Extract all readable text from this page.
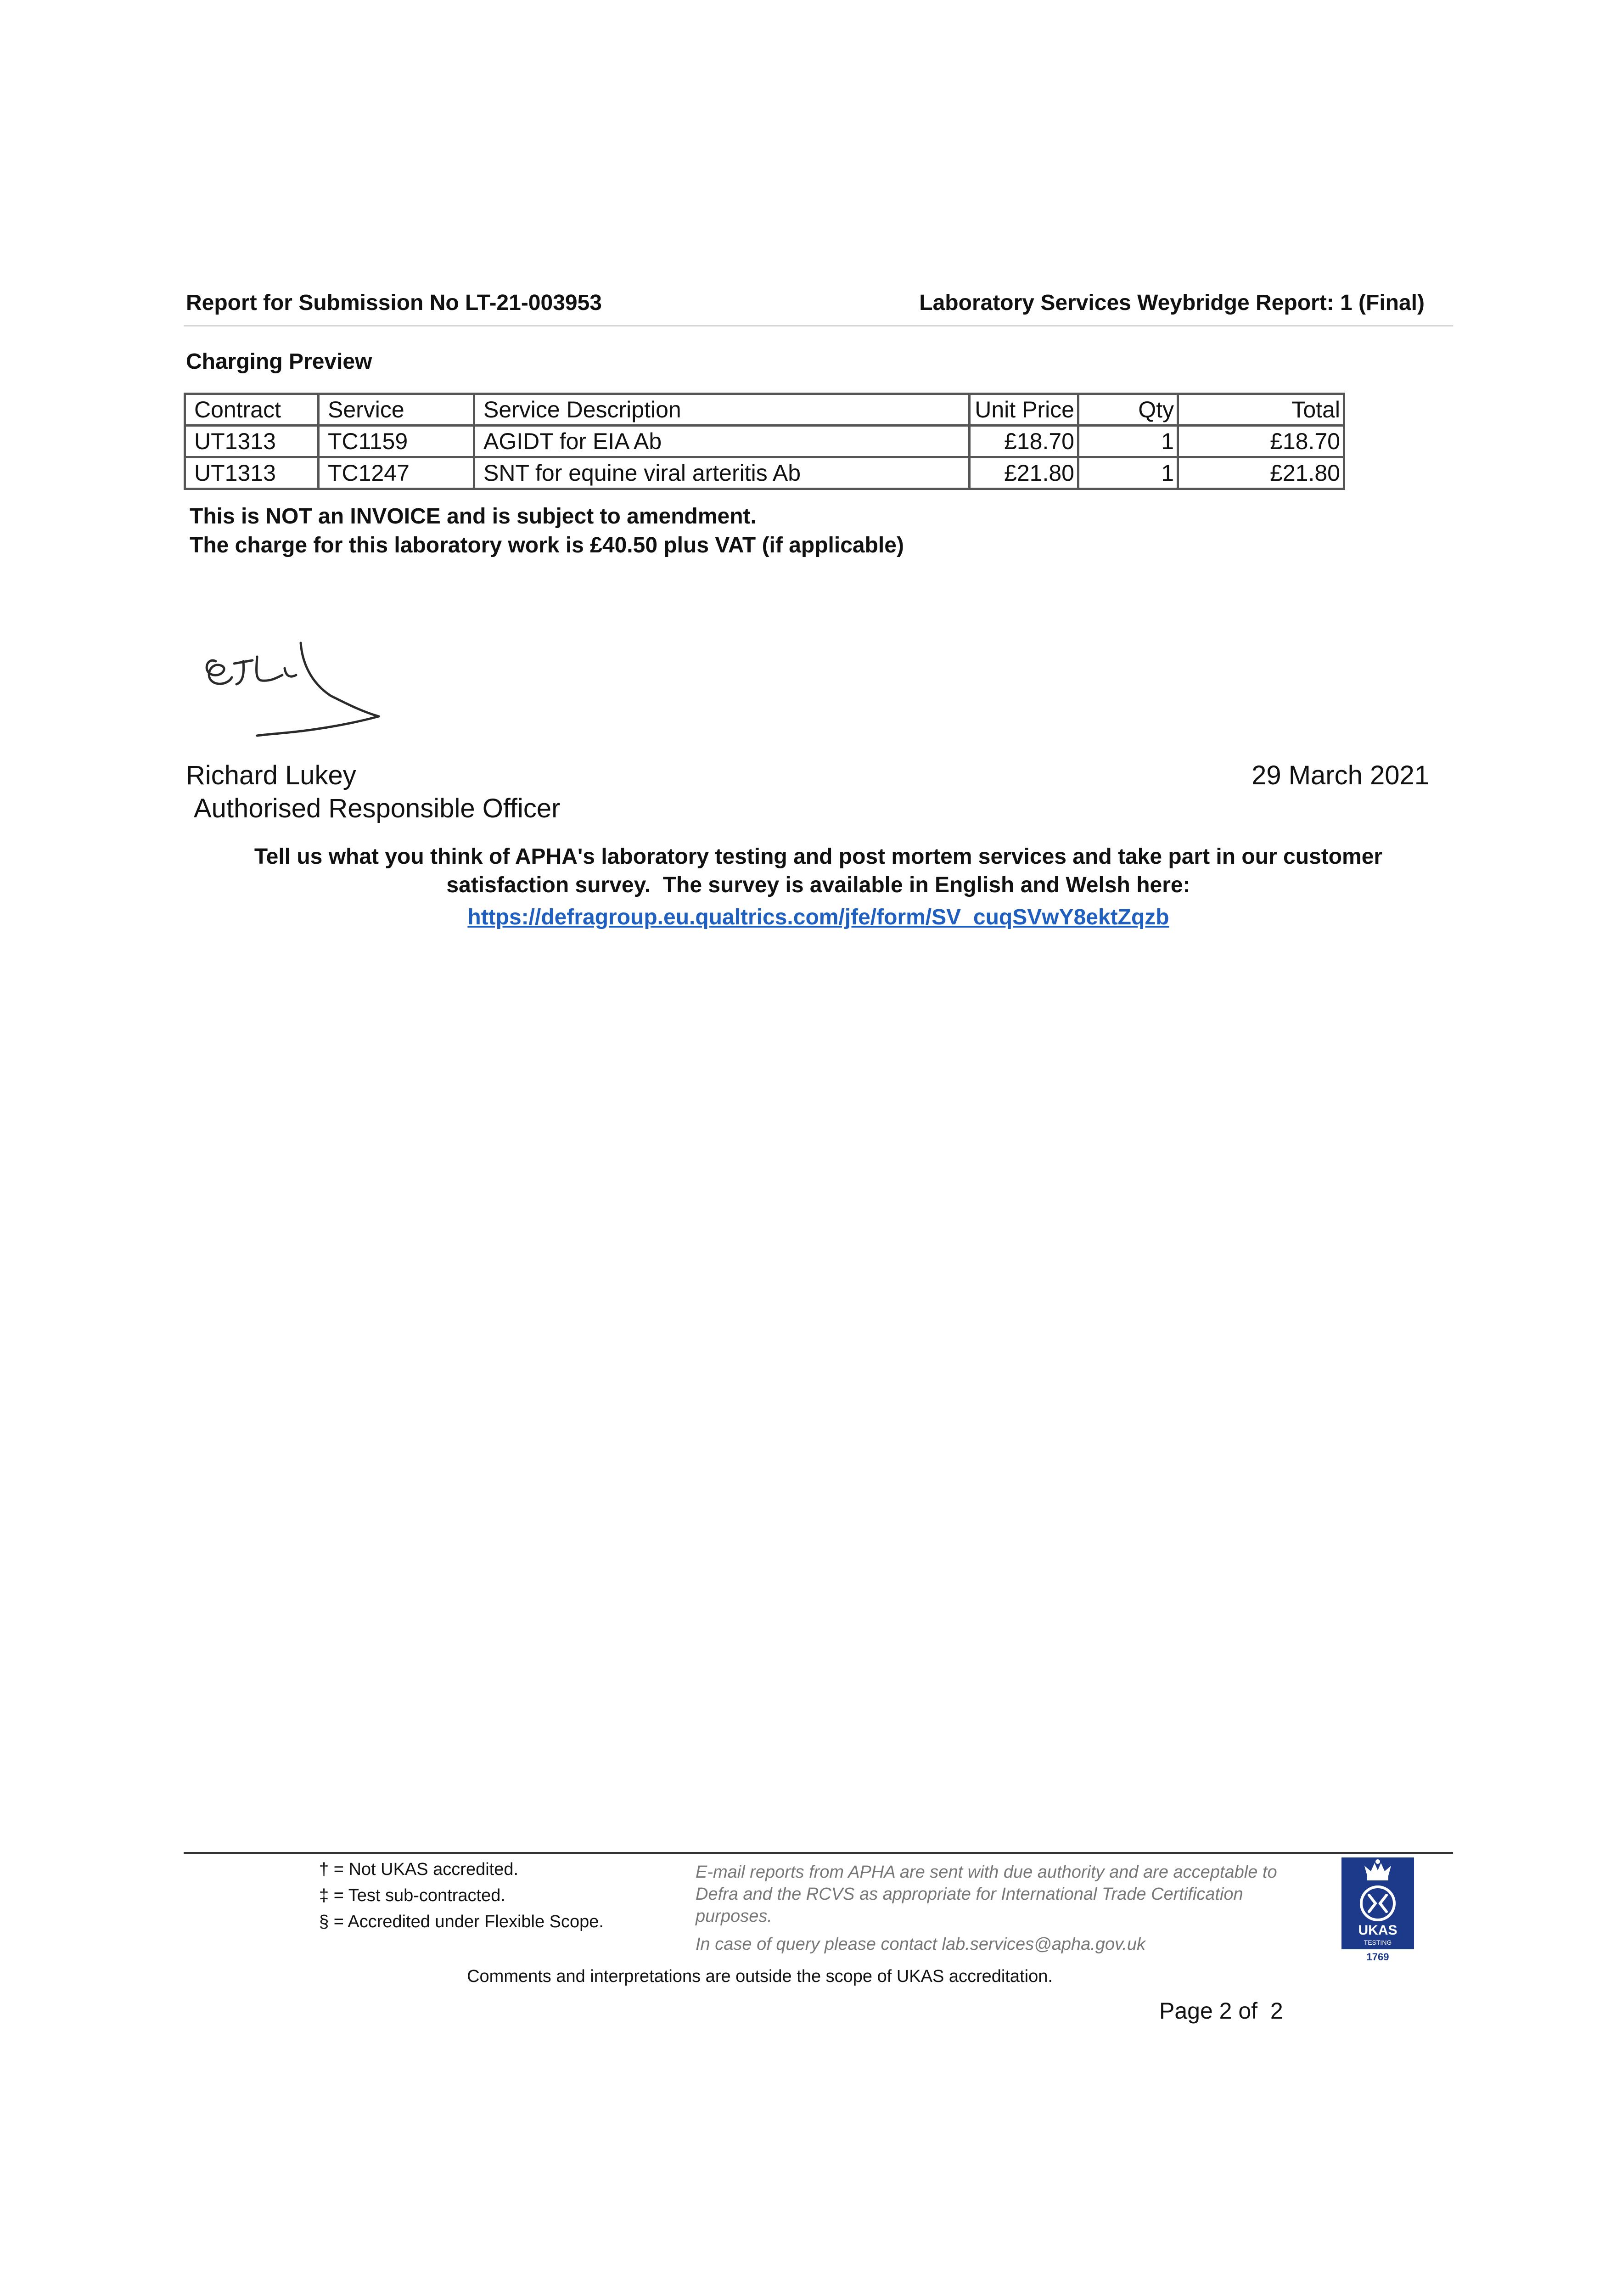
Report for Submission No LT-21-003953	Laboratory Services Weybridge Report: 1 (Final)
Charging Preview
Contract	Service	Service Description	Unit Price	Qty	Total
UT1313	TC1159	AGIDT for EIA Ab	£18.70	1	£18.70
UT1313	TC1247	SNT for equine viral arteritis Ab	£21.80	1	£21.80
This is NOT an INVOICE and is subject to amendment.
The charge for this laboratory work is £40.50 plus VAT (if applicable)
Richard Lukey
Authorised Responsible Officer
29 March 2021
Tell us what you think of APHA's laboratory testing and post mortem services and take part in our customer
satisfaction survey.  The survey is available in English and Welsh here:
https://defragroup.eu.qualtrics.com/jfe/form/SV_cuqSVwY8ektZqzb
† = Not UKAS accredited.
‡ = Test sub-contracted.
§ = Accredited under Flexible Scope.
E-mail reports from APHA are sent with due authority and are acceptable to Defra and the RCVS as appropriate for International Trade Certification purposes.
In case of query please contact lab.services@apha.gov.uk
UKAS
TESTING
1769
Comments and interpretations are outside the scope of UKAS accreditation.
Page 2 of  2
